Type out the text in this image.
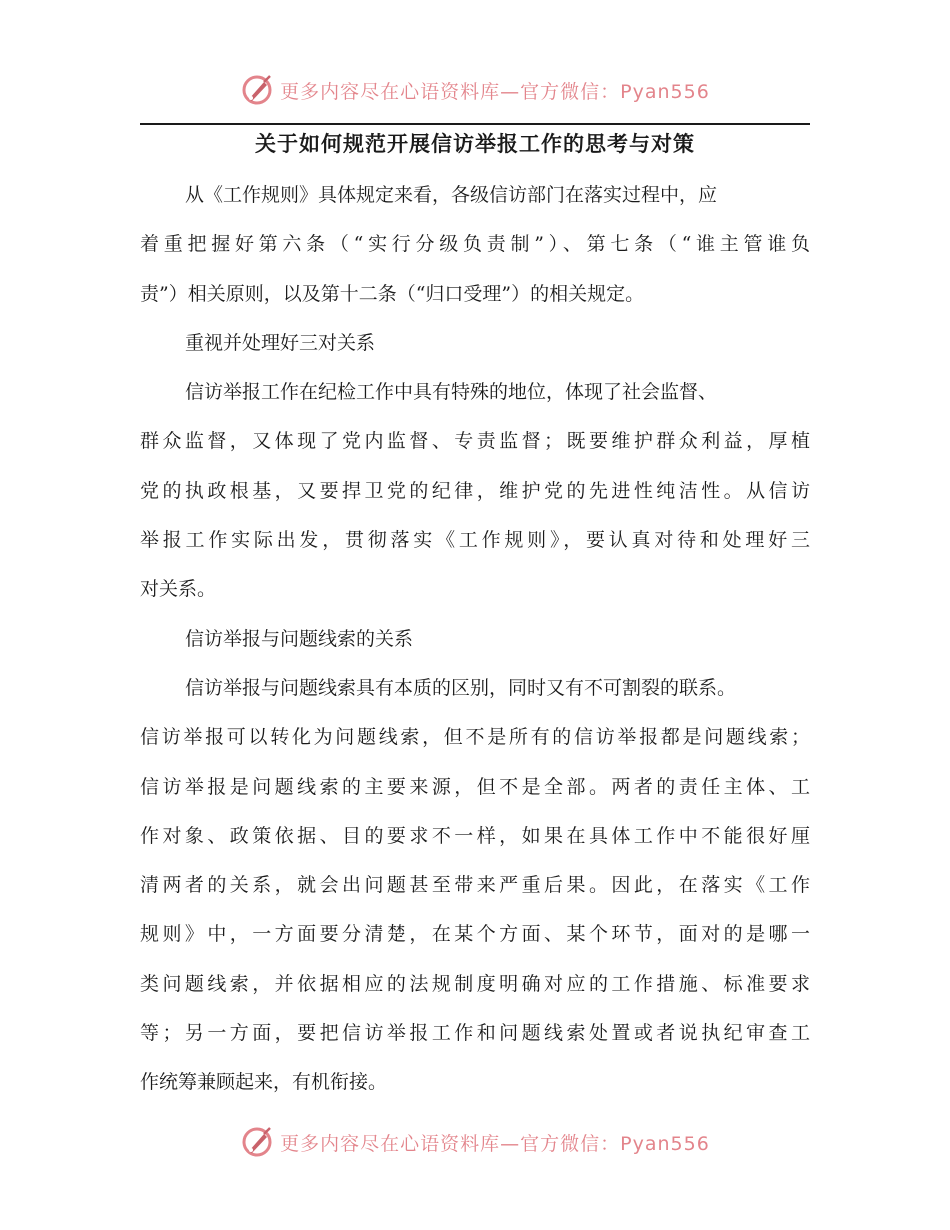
更多内容尽在心语资料库—官方微信：Pyan556
关于如何规范开展信访举报工作的思考与对策
从《工作规则》具体规定来看，各级信访部门在落实过程中，应
着重把握好第六条（“实行分级负责制”）、第七条（“谁主管谁负
责”）相关原则，以及第十二条（“归口受理”）的相关规定。
重视并处理好三对关系
信访举报工作在纪检工作中具有特殊的地位，体现了社会监督、
群众监督，又体现了党内监督、专责监督；既要维护群众利益，厚植
党的执政根基，又要捍卫党的纪律，维护党的先进性纯洁性。从信访
举报工作实际出发，贯彻落实《工作规则》，要认真对待和处理好三
对关系。
信访举报与问题线索的关系
信访举报与问题线索具有本质的区别，同时又有不可割裂的联系。
信访举报可以转化为问题线索，但不是所有的信访举报都是问题线索；
信访举报是问题线索的主要来源，但不是全部。两者的责任主体、工
作对象、政策依据、目的要求不一样，如果在具体工作中不能很好厘
清两者的关系，就会出问题甚至带来严重后果。因此，在落实《工作
规则》中，一方面要分清楚，在某个方面、某个环节，面对的是哪一
类问题线索，并依据相应的法规制度明确对应的工作措施、标准要求
等；另一方面，要把信访举报工作和问题线索处置或者说执纪审查工
作统筹兼顾起来，有机衔接。
更多内容尽在心语资料库—官方微信：Pyan556
